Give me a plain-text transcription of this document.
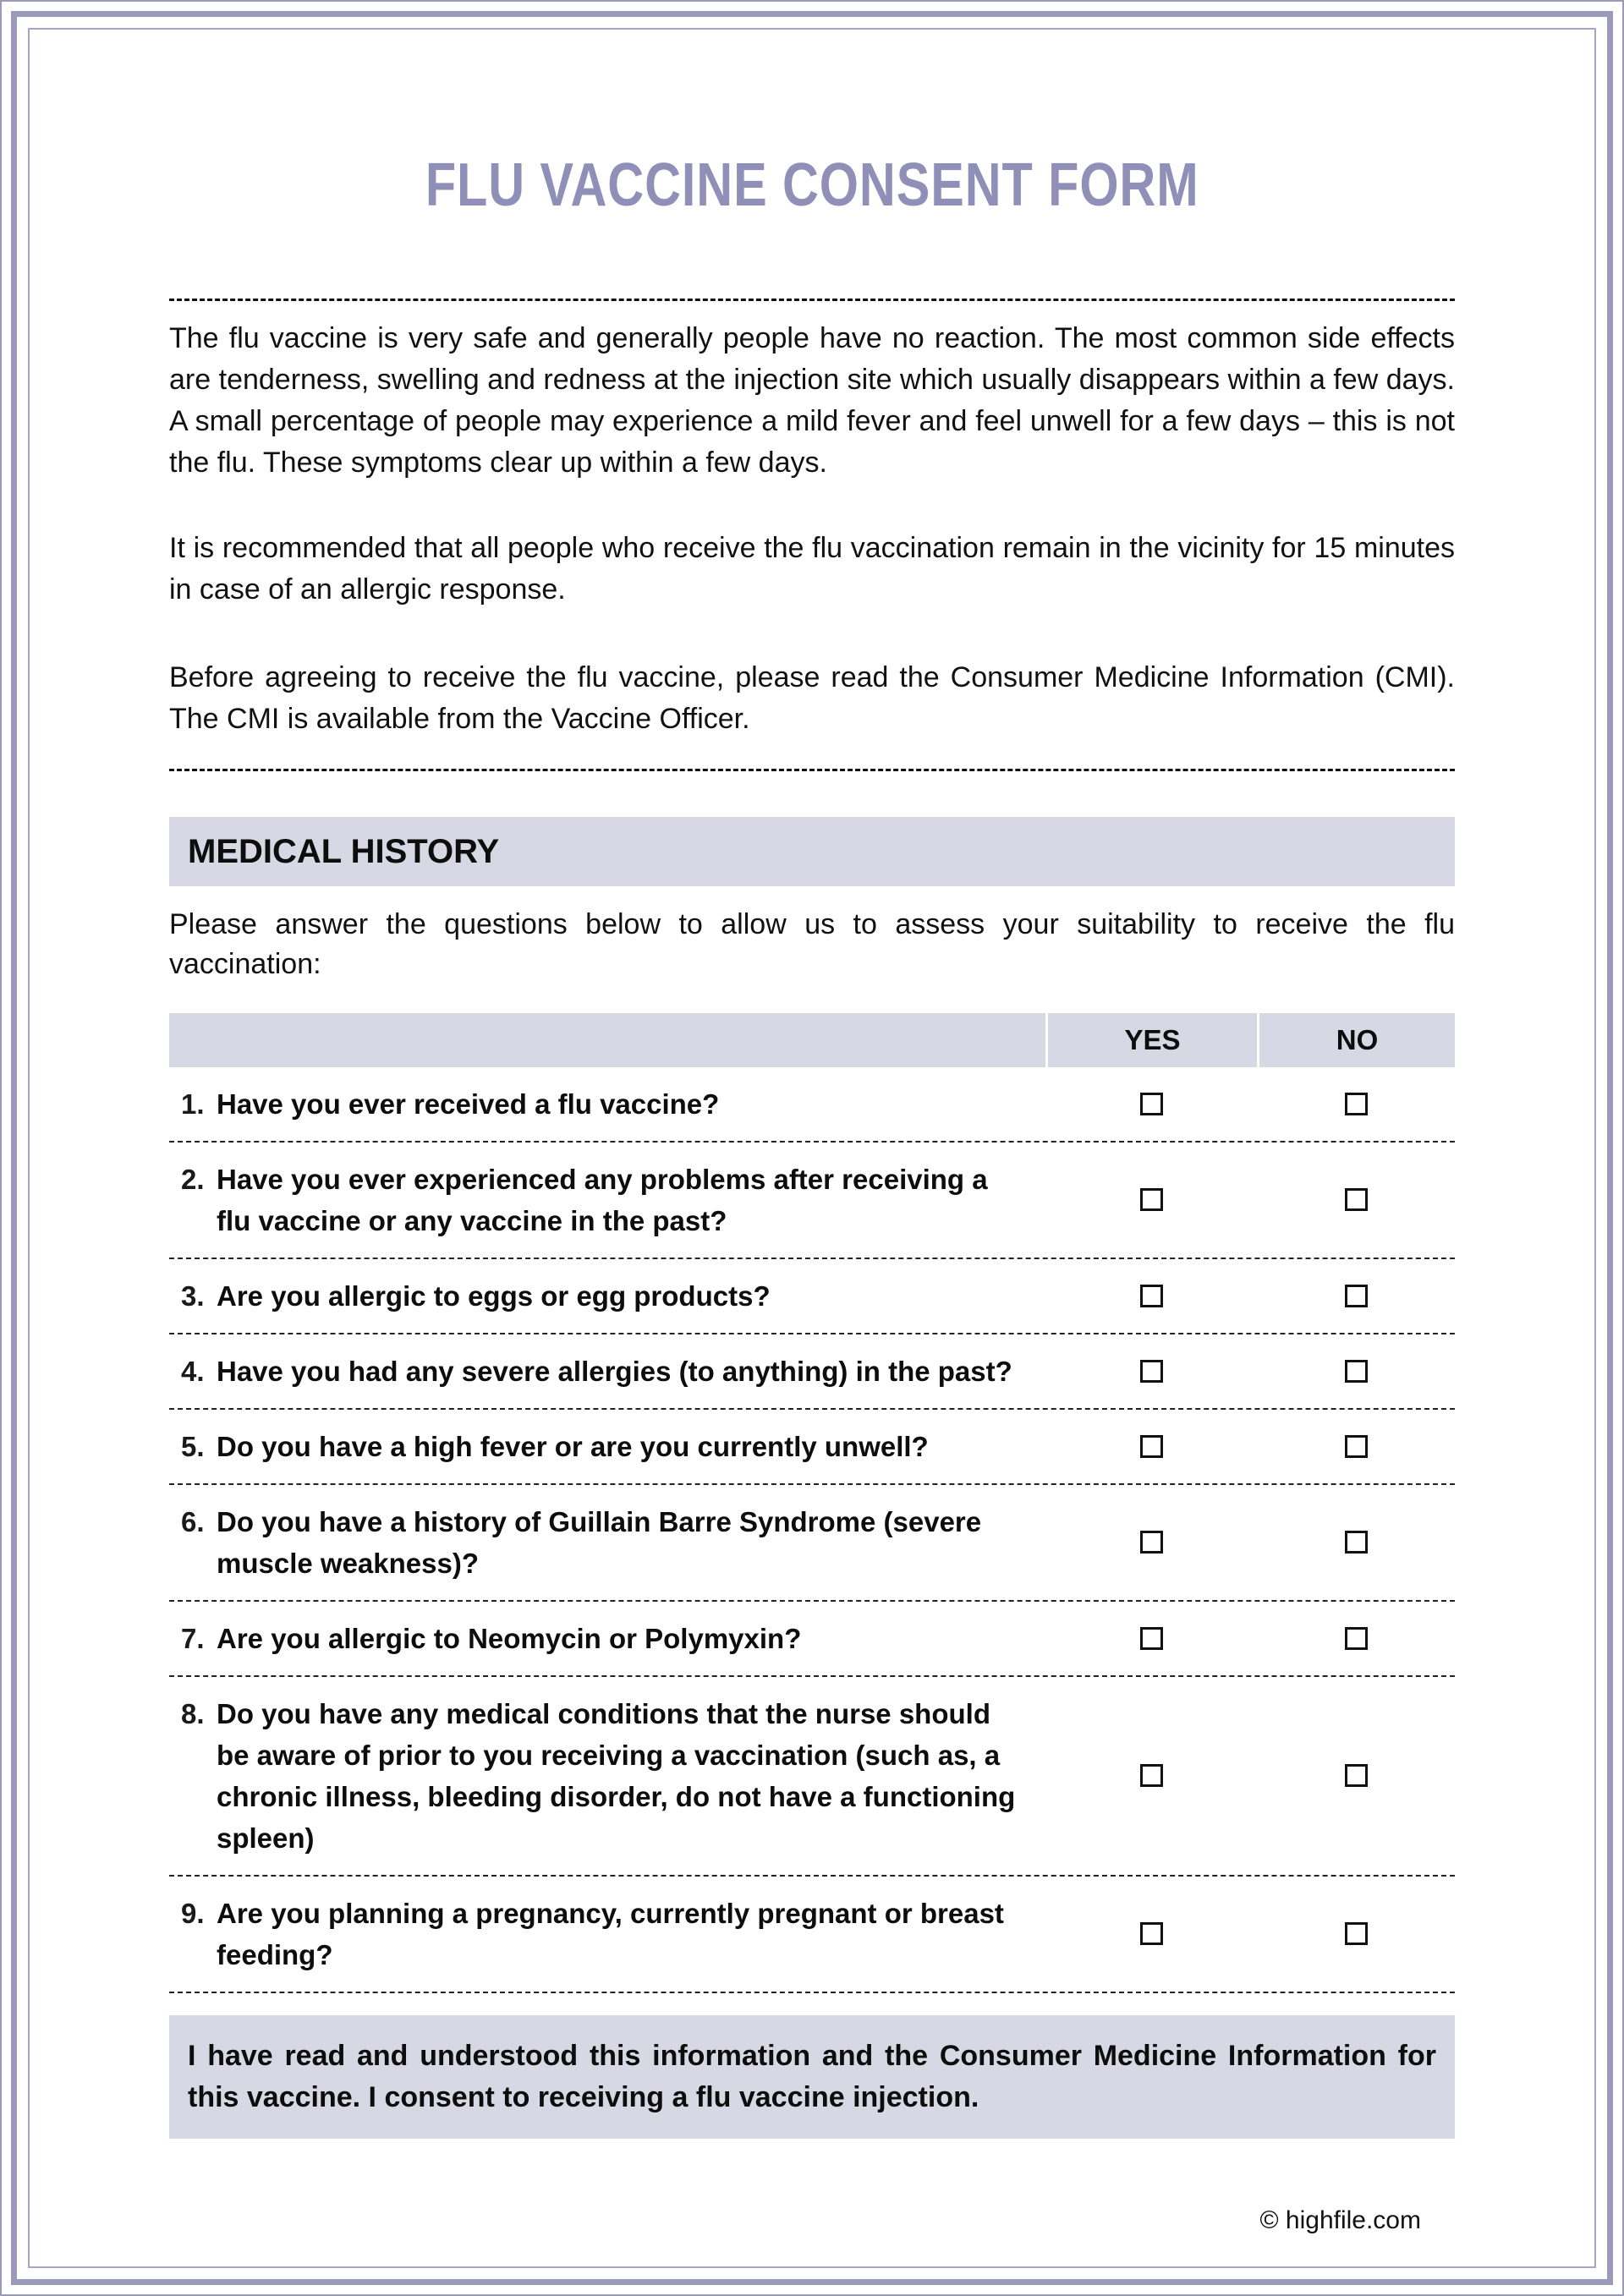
FLU VACCINE CONSENT FORM

The flu vaccine is very safe and generally people have no reaction. The most common side effects are tenderness, swelling and redness at the injection site which usually disappears within a few days. A small percentage of people may experience a mild fever and feel unwell for a few days – this is not the flu. These symptoms clear up within a few days.

It is recommended that all people who receive the flu vaccination remain in the vicinity for 15 minutes in case of an allergic response.

Before agreeing to receive the flu vaccine, please read the Consumer Medicine Information (CMI). The CMI is available from the Vaccine Officer.

MEDICAL HISTORY

Please answer the questions below to allow us to assess your suitability to receive the flu vaccination:

YES	NO
1. Have you ever received a flu vaccine?
2. Have you ever experienced any problems after receiving a flu vaccine or any vaccine in the past?
3. Are you allergic to eggs or egg products?
4. Have you had any severe allergies (to anything) in the past?
5. Do you have a high fever or are you currently unwell?
6. Do you have a history of Guillain Barre Syndrome (severe muscle weakness)?
7. Are you allergic to Neomycin or Polymyxin?
8. Do you have any medical conditions that the nurse should be aware of prior to you receiving a vaccination (such as, a chronic illness, bleeding disorder, do not have a functioning spleen)
9. Are you planning a pregnancy, currently pregnant or breast feeding?
I have read and understood this information and the Consumer Medicine Information for this vaccine. I consent to receiving a flu vaccine injection.
© highfile.com
